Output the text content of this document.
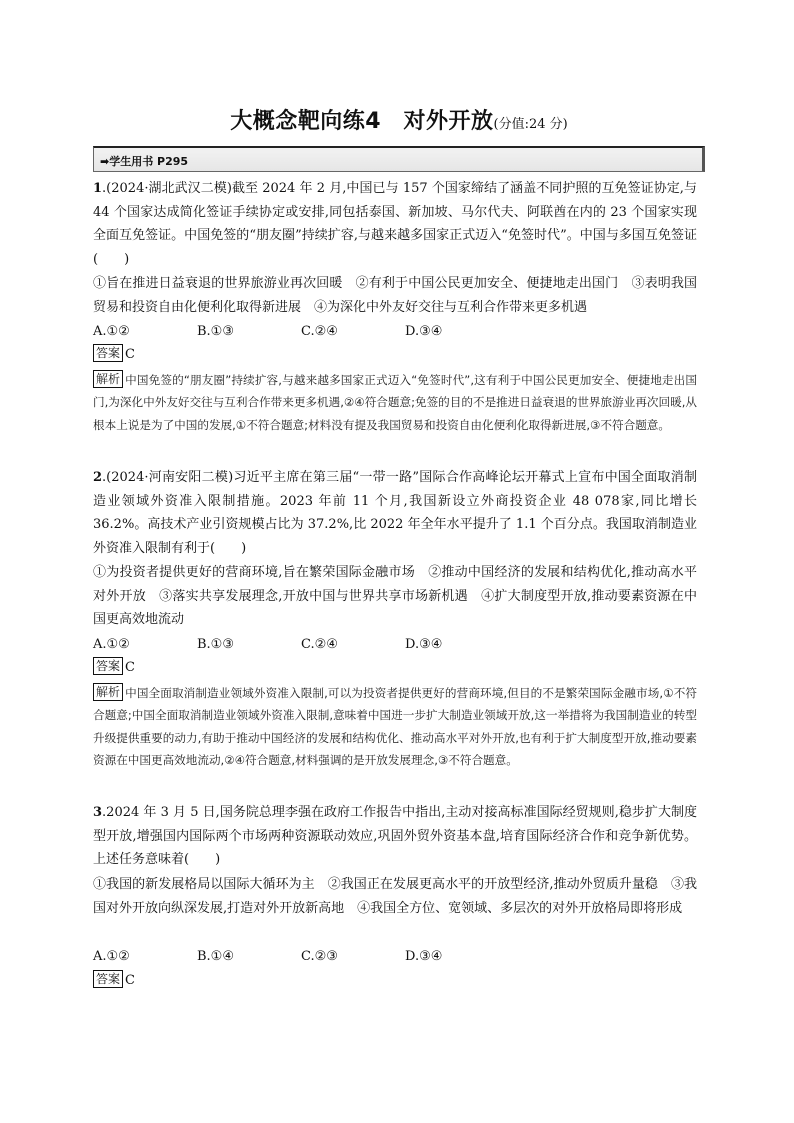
大概念靶向练4　对外开放(分值:24 分)
➡学生用书 P295
1.(2024·湖北武汉二模)截至 2024 年 2 月,中国已与 157 个国家缔结了涵盖不同护照的互免签证协定,与 44 个国家达成简化签证手续协定或安排,同包括泰国、新加坡、马尔代夫、阿联酋在内的 23 个国家实现全面互免签证。中国免签的“朋友圈”持续扩容,与越来越多国家正式迈入“免签时代”。中国与多国互免签证(　　)
①旨在推进日益衰退的世界旅游业再次回暖　②有利于中国公民更加安全、便捷地走出国门　③表明我国贸易和投资自由化便利化取得新进展　④为深化中外友好交往与互利合作带来更多机遇
A.①②	B.①③	C.②④	D.③④
答案 C
解析 中国免签的“朋友圈”持续扩容,与越来越多国家正式迈入“免签时代”,这有利于中国公民更加安全、便捷地走出国门,为深化中外友好交往与互利合作带来更多机遇,②④符合题意;免签的目的不是推进日益衰退的世界旅游业再次回暖,从根本上说是为了中国的发展,①不符合题意;材料没有提及我国贸易和投资自由化便利化取得新进展,③不符合题意。
2.(2024·河南安阳二模)习近平主席在第三届“一带一路”国际合作高峰论坛开幕式上宣布中国全面取消制造业领域外资准入限制措施。2023 年前 11 个月,我国新设立外商投资企业 48 078家,同比增长 36.2%。高技术产业引资规模占比为 37.2%,比 2022 年全年水平提升了 1.1 个百分点。我国取消制造业外资准入限制有利于(　　)
①为投资者提供更好的营商环境,旨在繁荣国际金融市场　②推动中国经济的发展和结构优化,推动高水平对外开放　③落实共享发展理念,开放中国与世界共享市场新机遇　④扩大制度型开放,推动要素资源在中国更高效地流动
A.①②	B.①③	C.②④	D.③④
答案 C
解析 中国全面取消制造业领域外资准入限制,可以为投资者提供更好的营商环境,但目的不是繁荣国际金融市场,①不符合题意;中国全面取消制造业领域外资准入限制,意味着中国进一步扩大制造业领域开放,这一举措将为我国制造业的转型升级提供重要的动力,有助于推动中国经济的发展和结构优化、推动高水平对外开放,也有利于扩大制度型开放,推动要素资源在中国更高效地流动,②④符合题意,材料强调的是开放发展理念,③不符合题意。
3.2024 年 3 月 5 日,国务院总理李强在政府工作报告中指出,主动对接高标准国际经贸规则,稳步扩大制度型开放,增强国内国际两个市场两种资源联动效应,巩固外贸外资基本盘,培育国际经济合作和竞争新优势。上述任务意味着(　　)
①我国的新发展格局以国际大循环为主　②我国正在发展更高水平的开放型经济,推动外贸质升量稳　③我国对外开放向纵深发展,打造对外开放新高地　④我国全方位、宽领域、多层次的对外开放格局即将形成
A.①②	B.①④	C.②③	D.③④
答案 C
